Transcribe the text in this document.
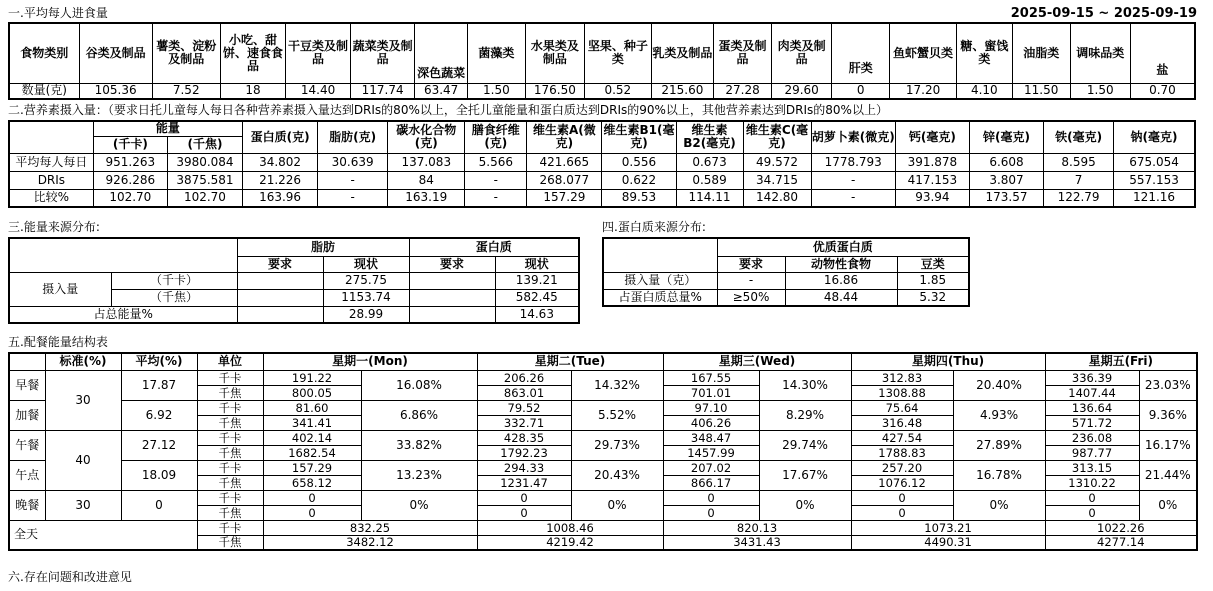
一.平均每人进食量	2025-09-15 ~ 2025-09-19
食物类别	谷类及制品	薯类、淀粉及制品	小吃、甜饼、速食食品	干豆类及制品	蔬菜类及制品	深色蔬菜	菌藻类	水果类及制品	坚果、种子类	乳类及制品	蛋类及制品	肉类及制品	肝类	鱼虾蟹贝类	糖、蜜饯类	油脂类	调味品类	盐
数量(克)	105.36	7.52	18	14.40	117.74	63.47	1.50	176.50	0.52	215.60	27.28	29.60	0	17.20	4.10	11.50	1.50	0.70
二.营养素摄入量：（要求日托儿童每人每日各种营养素摄入量达到DRIs的80%以上，全托儿童能量和蛋白质达到DRIs的90%以上，其他营养素达到DRIs的80%以上）
	能量		蛋白质(克)	脂肪(克)	碳水化合物(克)	膳食纤维(克)	维生素A(微克)	维生素B1(毫克)	维生素B2(毫克)	维生素C(毫克)	胡萝卜素(微克)	钙(毫克)	锌(毫克)	铁(毫克)	钠(毫克)
	(千卡)	(千焦)													
平均每人每日	951.263	3980.084	34.802	30.639	137.083	5.566	421.665	0.556	0.673	49.572	1778.793	391.878	6.608	8.595	675.054
DRIs	926.286	3875.581	21.226	-	84	-	268.077	0.622	0.589	34.715	-	417.153	3.807	7	557.153
比较%	102.70	102.70	163.96	-	163.19	-	157.29	89.53	114.11	142.80	-	93.94	173.57	122.79	121.16
三.能量来源分布:	四.蛋白质来源分布:
		脂肪		蛋白质	
		要求	现状	要求	现状
摄入量	（千卡）		275.75		139.21
	（千焦）		1153.74		582.45
占总能量%			28.99		14.63
	优质蛋白质		
	要求	动物性食物	豆类
摄入量（克）	-	16.86	1.85
占蛋白质总量%	≥50%	48.44	5.32
五.配餐能量结构表
	标准(%)	平均(%)	单位	星期一(Mon)		星期二(Tue)		星期三(Wed)		星期四(Thu)		星期五(Fri)	
早餐	30	17.87	千卡	191.22	16.08%	206.26	14.32%	167.55	14.30%	312.83	20.40%	336.39	23.03%
			千焦	800.05		863.01		701.01		1308.88		1407.44	
加餐		6.92	千卡	81.60	6.86%	79.52	5.52%	97.10	8.29%	75.64	4.93%	136.64	9.36%
			千焦	341.41		332.71		406.26		316.48		571.72	
午餐	40	27.12	千卡	402.14	33.82%	428.35	29.73%	348.47	29.74%	427.54	27.89%	236.08	16.17%
			千焦	1682.54		1792.23		1457.99		1788.83		987.77	
午点		18.09	千卡	157.29	13.23%	294.33	20.43%	207.02	17.67%	257.20	16.78%	313.15	21.44%
			千焦	658.12		1231.47		866.17		1076.12		1310.22	
晚餐	30	0	千卡	0	0%	0	0%	0	0%	0	0%	0	0%
			千焦	0		0		0		0		0	
全天			千卡	832.25		1008.46		820.13		1073.21		1022.26	
			千焦	3482.12		4219.42		3431.43		4490.31		4277.14	
六.存在问题和改进意见
